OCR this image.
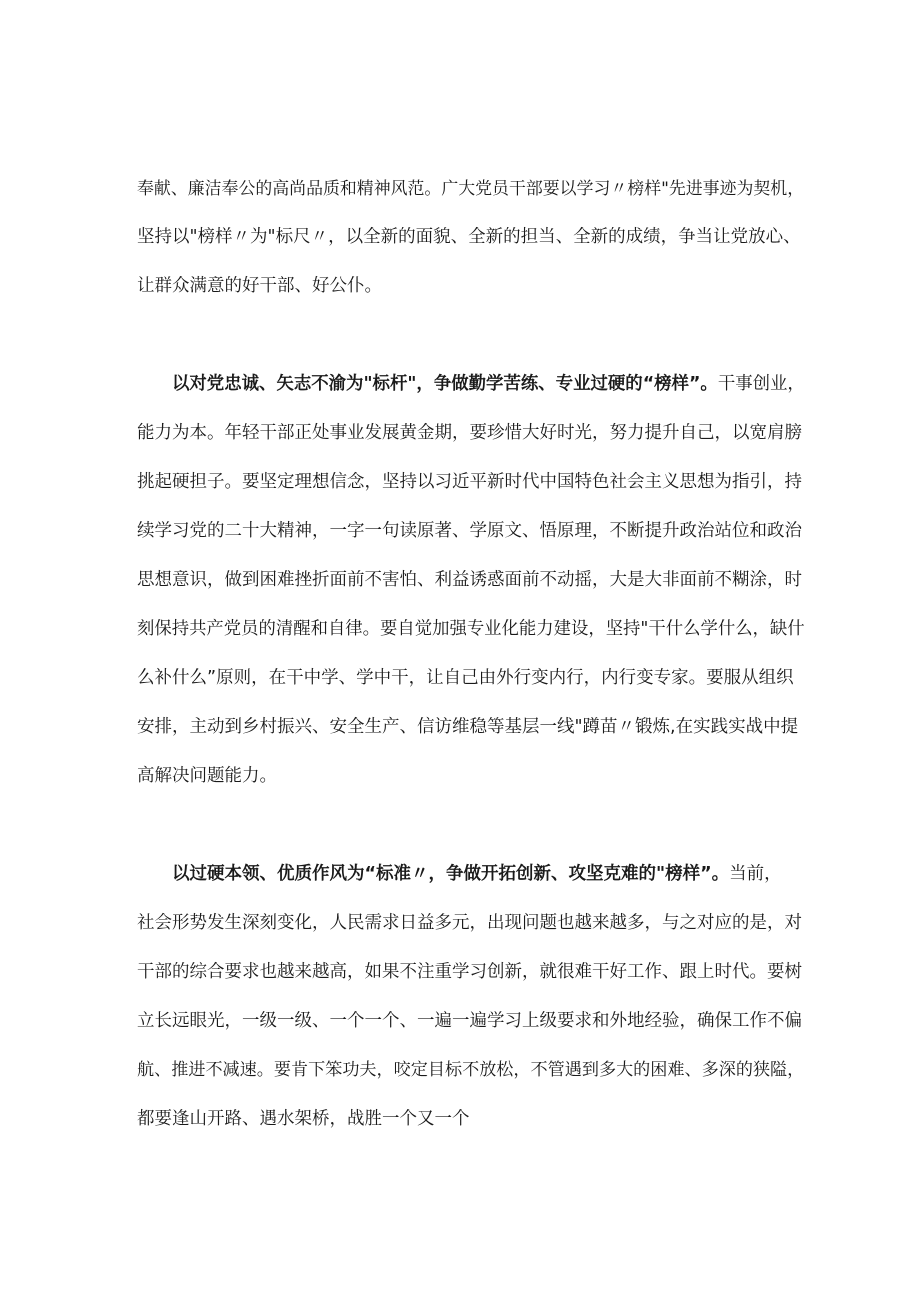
奉献、廉洁奉公的高尚品质和精神风范。广大党员干部要以学习〃榜样"先进事迹为契机，
坚持以"榜样〃为"标尺〃，以全新的面貌、全新的担当、全新的成绩，争当让党放心、
让群众满意的好干部、好公仆。
以对党忠诚、矢志不渝为"标杆"，争做勤学苦练、专业过硬的“榜样”。干事创业，
能力为本。年轻干部正处事业发展黄金期，要珍惜大好时光，努力提升自己，以宽肩膀
挑起硬担子。要坚定理想信念，坚持以习近平新时代中国特色社会主义思想为指引，持
续学习党的二十大精神，一字一句读原著、学原文、悟原理，不断提升政治站位和政治
思想意识，做到困难挫折面前不害怕、利益诱惑面前不动摇，大是大非面前不糊涂，时
刻保持共产党员的清醒和自律。要自觉加强专业化能力建设，坚持"干什么学什么，缺什
么补什么”原则，在干中学、学中干，让自己由外行变内行，内行变专家。要服从组织
安排，主动到乡村振兴、安全生产、信访维稳等基层一线"蹲苗〃锻炼,在实践实战中提
高解决问题能力。
以过硬本领、优质作风为“标准〃，争做开拓创新、攻坚克难的"榜样”。当前，
社会形势发生深刻变化，人民需求日益多元，出现问题也越来越多，与之对应的是，对
干部的综合要求也越来越高，如果不注重学习创新，就很难干好工作、跟上时代。要树
立长远眼光，一级一级、一个一个、一遍一遍学习上级要求和外地经验，确保工作不偏
航、推进不减速。要肯下笨功夫，咬定目标不放松，不管遇到多大的困难、多深的狭隘，
都要逢山开路、遇水架桥，战胜一个又一个
